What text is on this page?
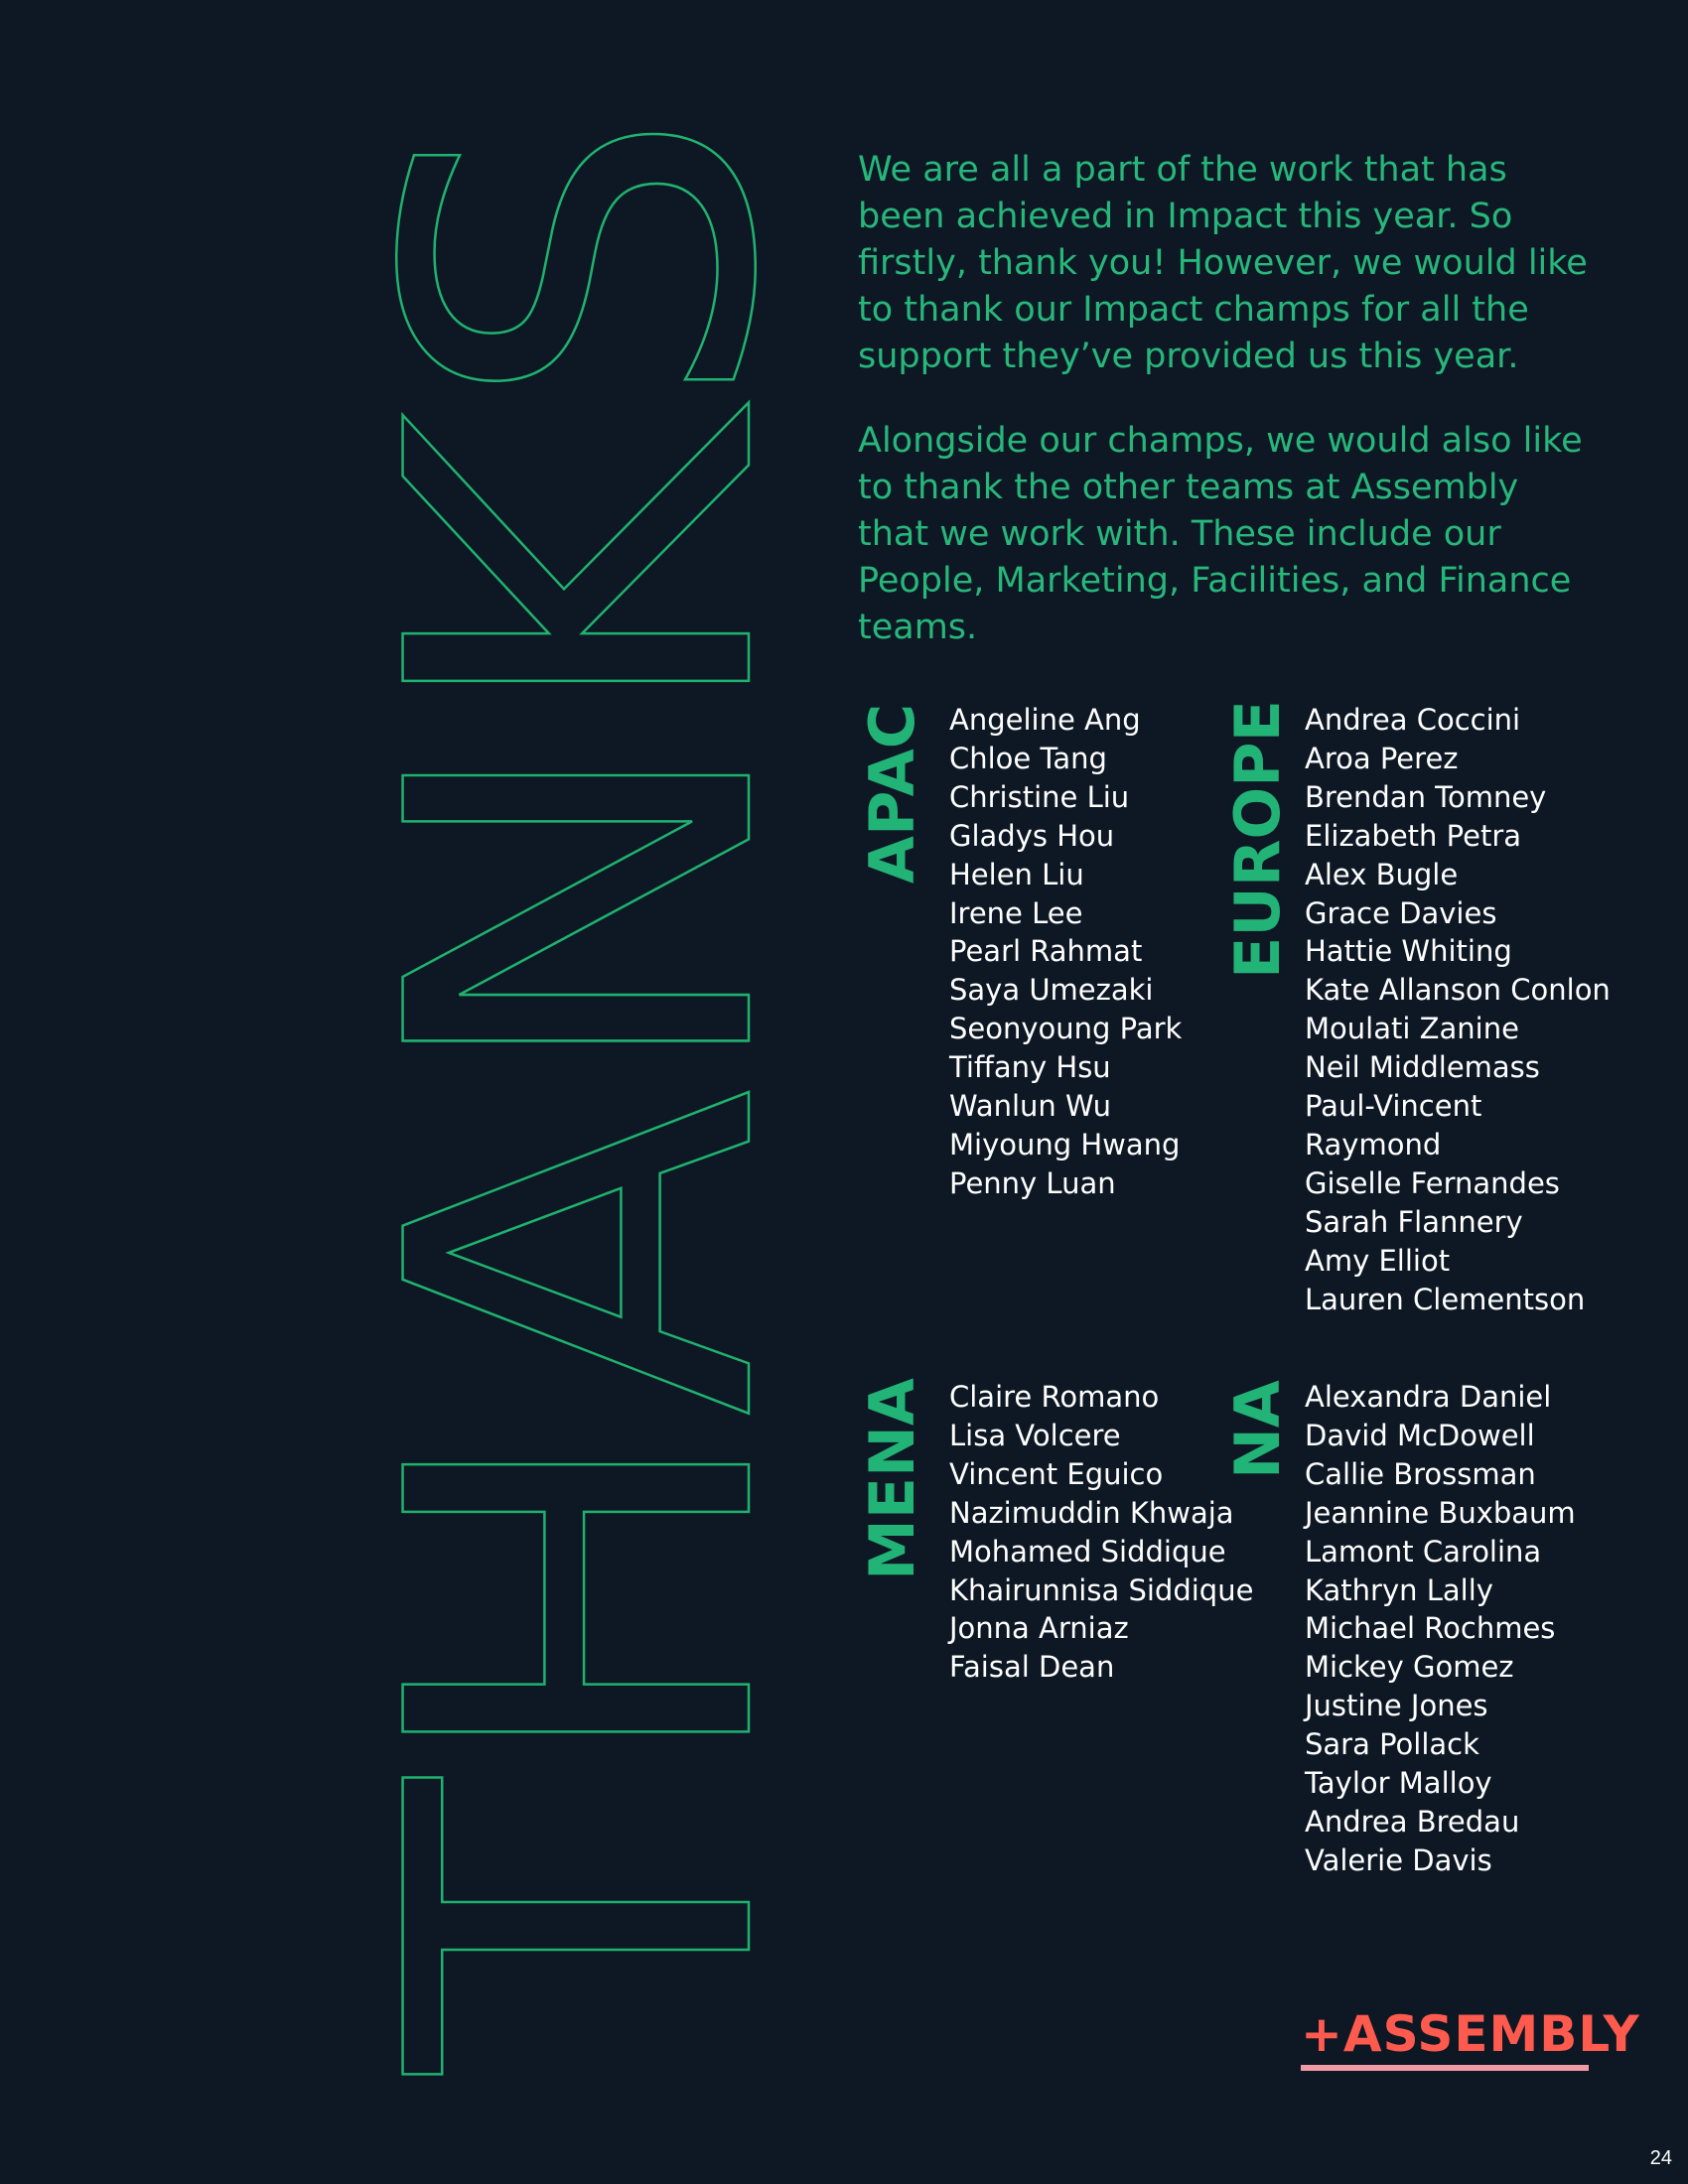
THANKS

We are all a part of the work that has been achieved in Impact this year. So firstly, thank you! However, we would like to thank our Impact champs for all the support they’ve provided us this year.

Alongside our champs, we would also like to thank the other teams at Assembly that we work with. These include our People, Marketing, Facilities, and Finance teams.

APAC Angeline Ang
Chloe Tang
Christine Liu
Gladys Hou
Helen Liu
Irene Lee
Pearl Rahmat
Saya Umezaki
Seonyoung Park
Tiffany Hsu
Wanlun Wu
Miyoung Hwang
Penny Luan
EUROPE Andrea Coccini
Aroa Perez
Brendan Tomney
Elizabeth Petra
Alex Bugle
Grace Davies
Hattie Whiting
Kate Allanson Conlon
Moulati Zanine
Neil Middlemass
Paul-Vincent
Raymond
Giselle Fernandes
Sarah Flannery
Amy Elliot
Lauren Clementson
MENA Claire Romano
Lisa Volcere
Vincent Eguico
Nazimuddin Khwaja
Mohamed Siddique
Khairunnisa Siddique
Jonna Arniaz
Faisal Dean
NA Alexandra Daniel
David McDowell
Callie Brossman
Jeannine Buxbaum
Lamont Carolina
Kathryn Lally
Michael Rochmes
Mickey Gomez
Justine Jones
Sara Pollack
Taylor Malloy
Andrea Bredau
Valerie Davis
+ASSEMBLY
24
